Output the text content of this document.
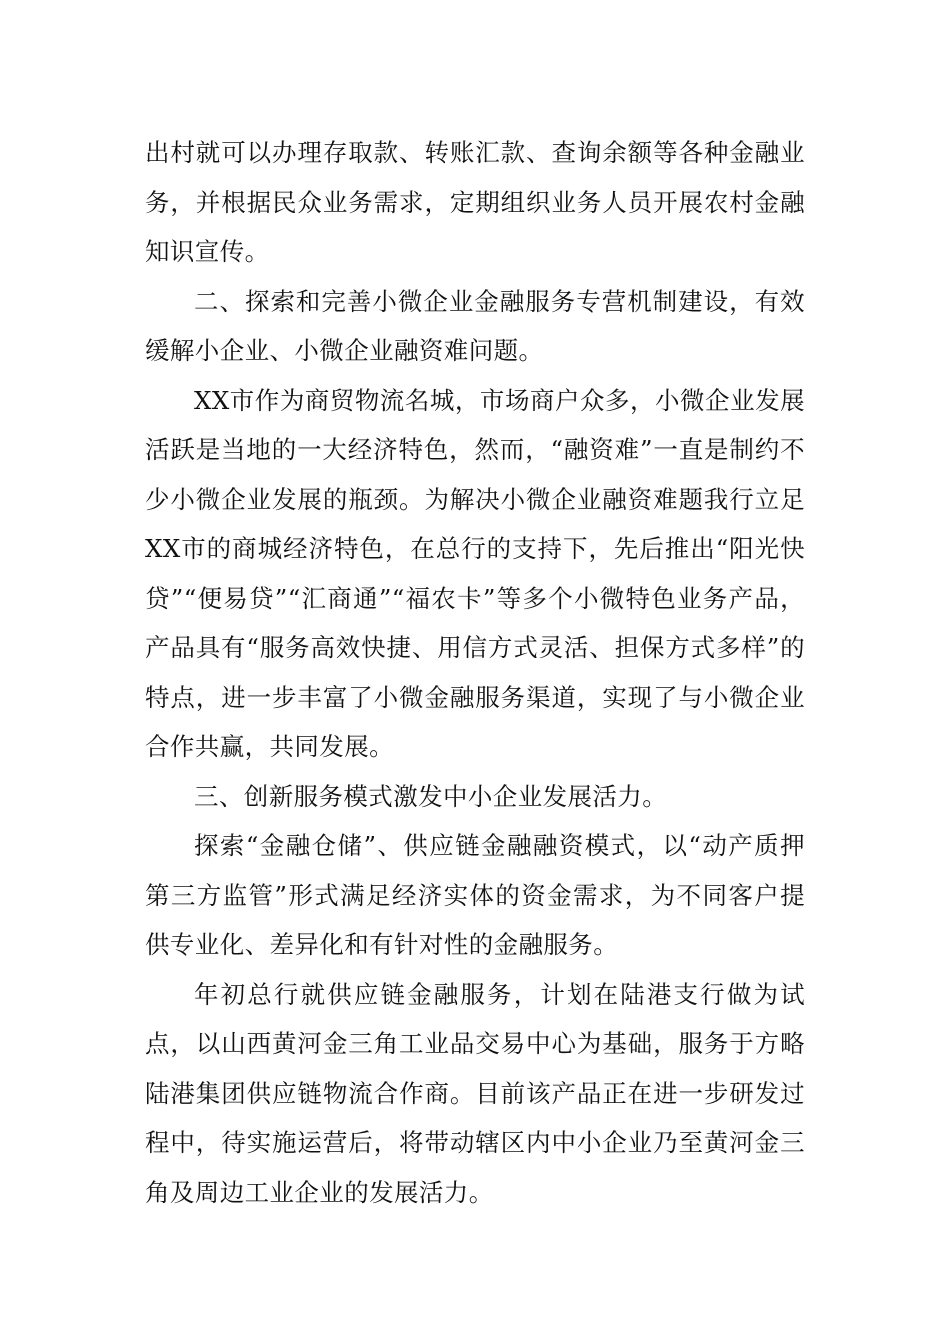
出村就可以办理存取款、转账汇款、查询余额等各种金融业务，并根据民众业务需求，定期组织业务人员开展农村金融知识宣传。

二、探索和完善小微企业金融服务专营机制建设，有效缓解小企业、小微企业融资难问题。

XX市作为商贸物流名城，市场商户众多，小微企业发展活跃是当地的一大经济特色，然而，“融资难”一直是制约不少小微企业发展的瓶颈。为解决小微企业融资难题我行立足XX市的商城经济特色，在总行的支持下，先后推出“阳光快贷”“便易贷”“汇商通”“福农卡”等多个小微特色业务产品，产品具有“服务高效快捷、用信方式灵活、担保方式多样”的特点，进一步丰富了小微金融服务渠道，实现了与小微企业合作共赢，共同发展。

三、创新服务模式激发中小企业发展活力。

探索“金融仓储”、供应链金融融资模式，以“动产质押第三方监管”形式满足经济实体的资金需求，为不同客户提供专业化、差异化和有针对性的金融服务。

年初总行就供应链金融服务，计划在陆港支行做为试点，以山西黄河金三角工业品交易中心为基础，服务于方略陆港集团供应链物流合作商。目前该产品正在进一步研发过程中，待实施运营后，将带动辖区内中小企业乃至黄河金三角及周边工业企业的发展活力。
